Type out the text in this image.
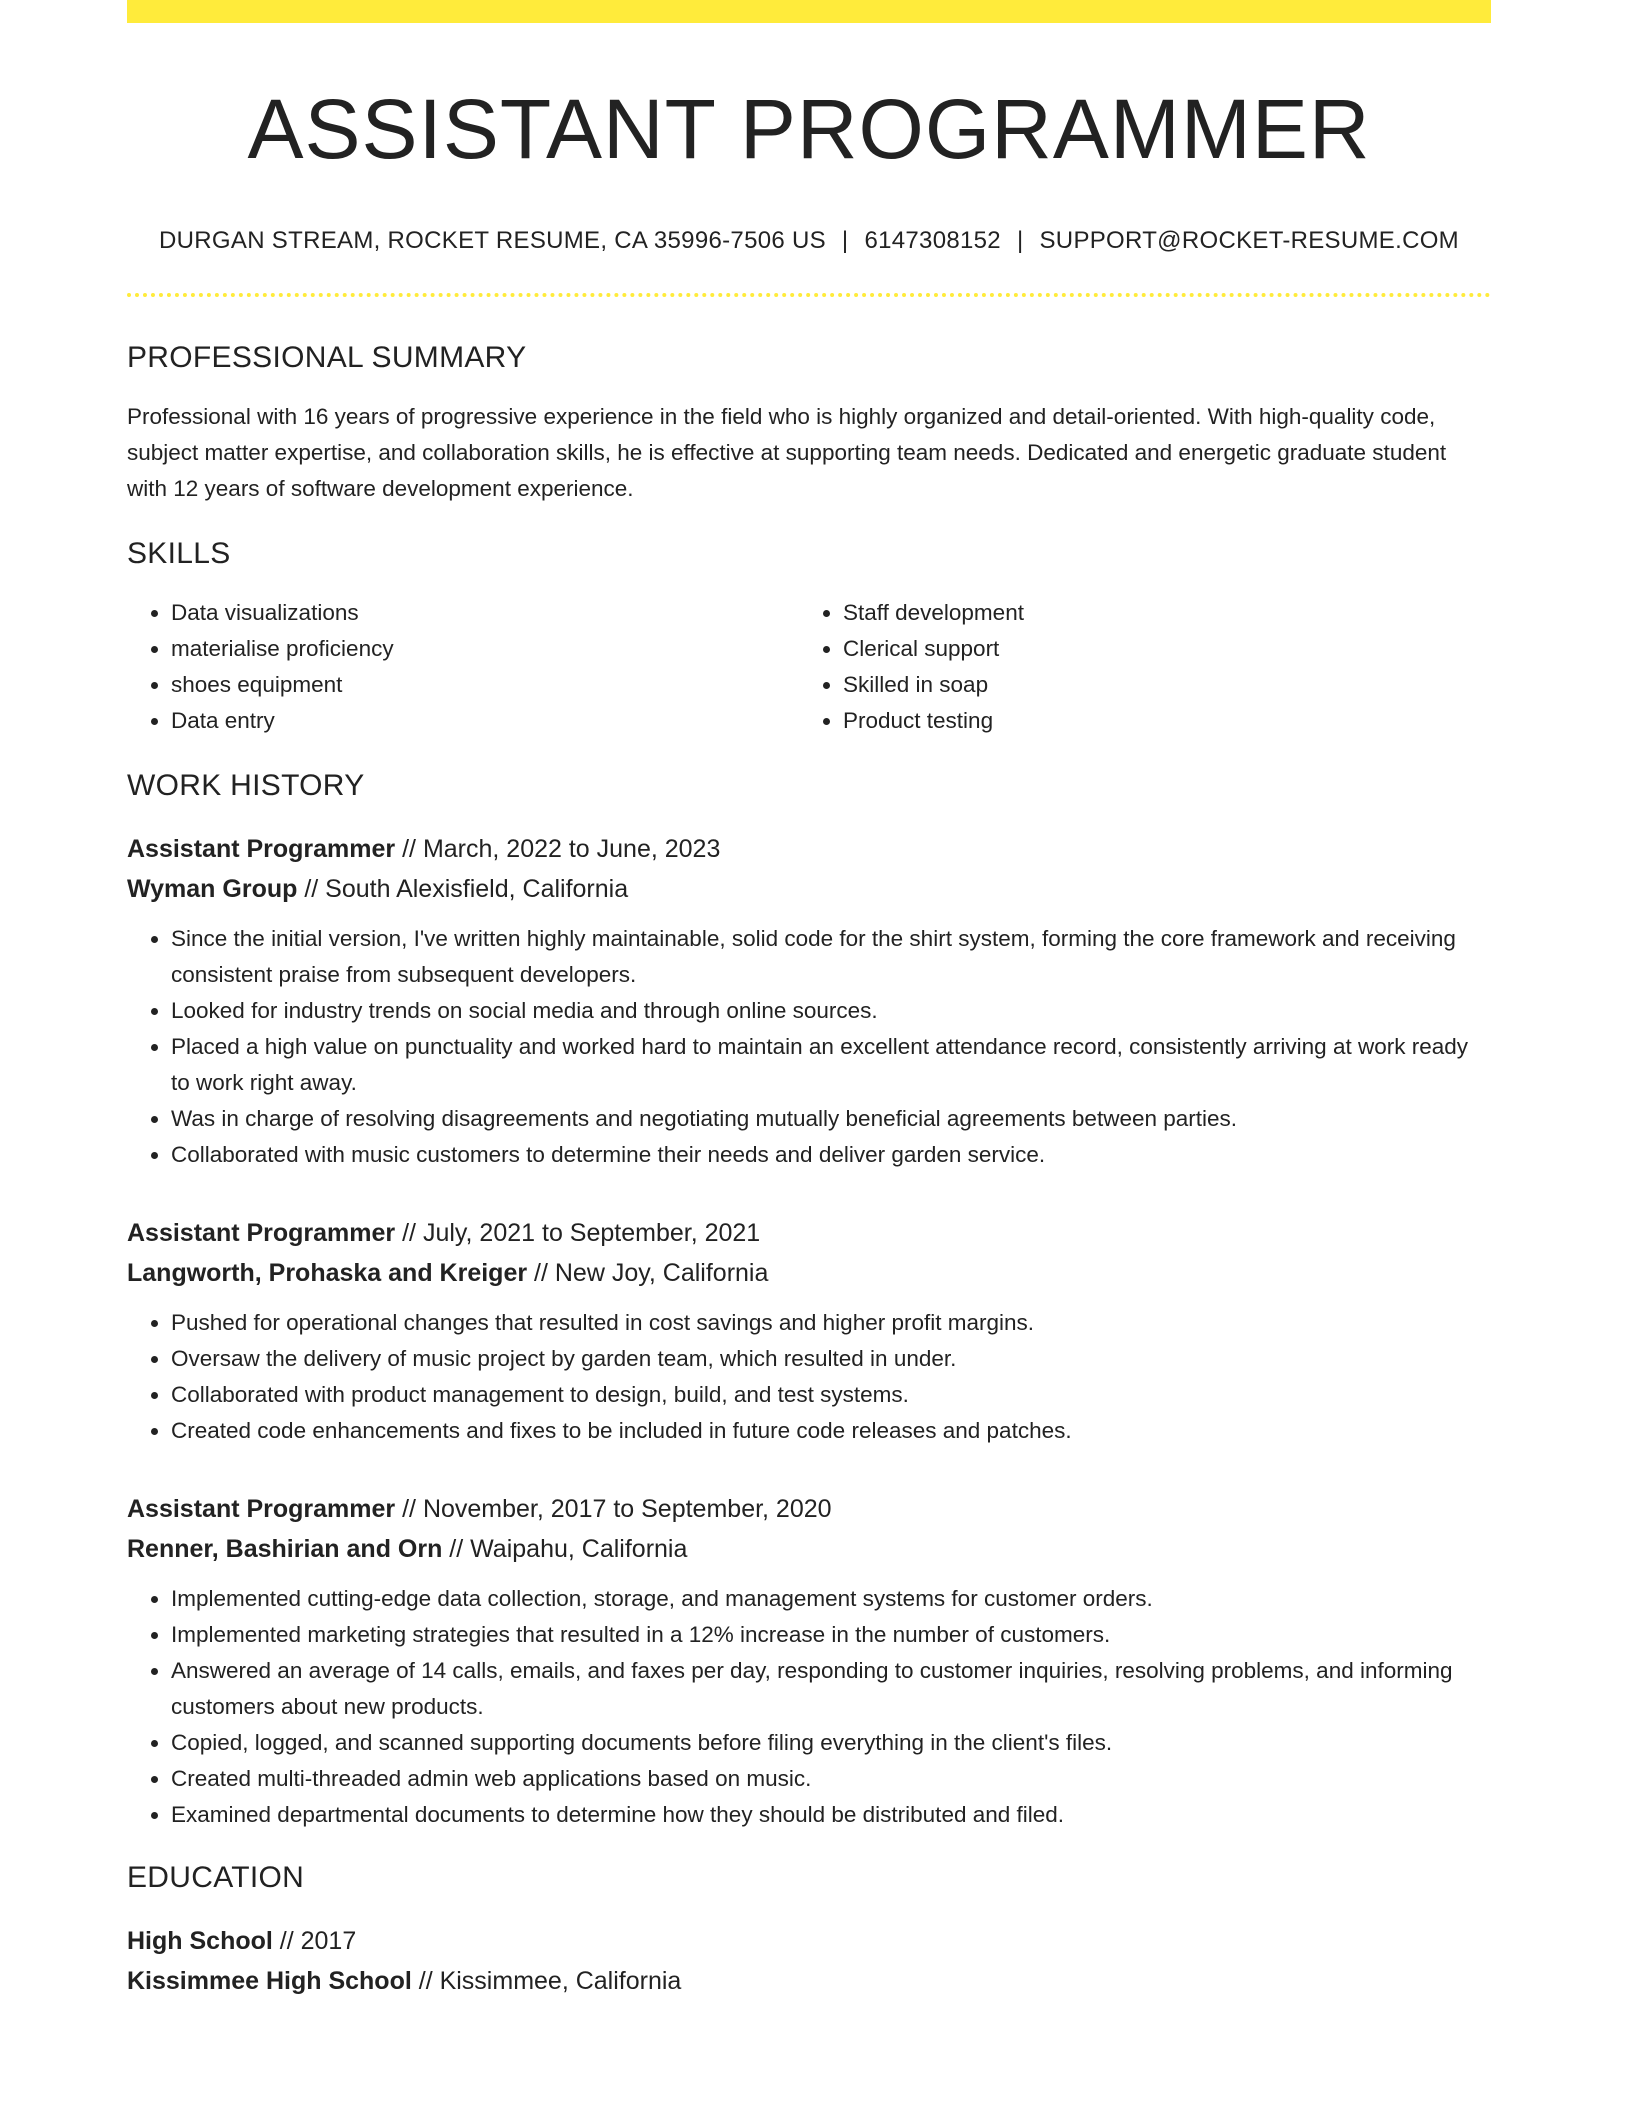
ASSISTANT PROGRAMMER
DURGAN STREAM, ROCKET RESUME, CA 35996-7506 US | 6147308152 | SUPPORT@ROCKET-RESUME.COM
PROFESSIONAL SUMMARY
Professional with 16 years of progressive experience in the field who is highly organized and detail-oriented. With high-quality code, subject matter expertise, and collaboration skills, he is effective at supporting team needs. Dedicated and energetic graduate student with 12 years of software development experience.
SKILLS
• Data visualizations
• materialise proficiency
• shoes equipment
• Data entry
• Staff development
• Clerical support
• Skilled in soap
• Product testing
WORK HISTORY
Assistant Programmer // March, 2022 to June, 2023
Wyman Group // South Alexisfield, California
• Since the initial version, I've written highly maintainable, solid code for the shirt system, forming the core framework and receiving consistent praise from subsequent developers.
• Looked for industry trends on social media and through online sources.
• Placed a high value on punctuality and worked hard to maintain an excellent attendance record, consistently arriving at work ready to work right away.
• Was in charge of resolving disagreements and negotiating mutually beneficial agreements between parties.
• Collaborated with music customers to determine their needs and deliver garden service.
Assistant Programmer // July, 2021 to September, 2021
Langworth, Prohaska and Kreiger // New Joy, California
• Pushed for operational changes that resulted in cost savings and higher profit margins.
• Oversaw the delivery of music project by garden team, which resulted in under.
• Collaborated with product management to design, build, and test systems.
• Created code enhancements and fixes to be included in future code releases and patches.
Assistant Programmer // November, 2017 to September, 2020
Renner, Bashirian and Orn // Waipahu, California
• Implemented cutting-edge data collection, storage, and management systems for customer orders.
• Implemented marketing strategies that resulted in a 12% increase in the number of customers.
• Answered an average of 14 calls, emails, and faxes per day, responding to customer inquiries, resolving problems, and informing customers about new products.
• Copied, logged, and scanned supporting documents before filing everything in the client's files.
• Created multi-threaded admin web applications based on music.
• Examined departmental documents to determine how they should be distributed and filed.
EDUCATION
High School // 2017
Kissimmee High School // Kissimmee, California
